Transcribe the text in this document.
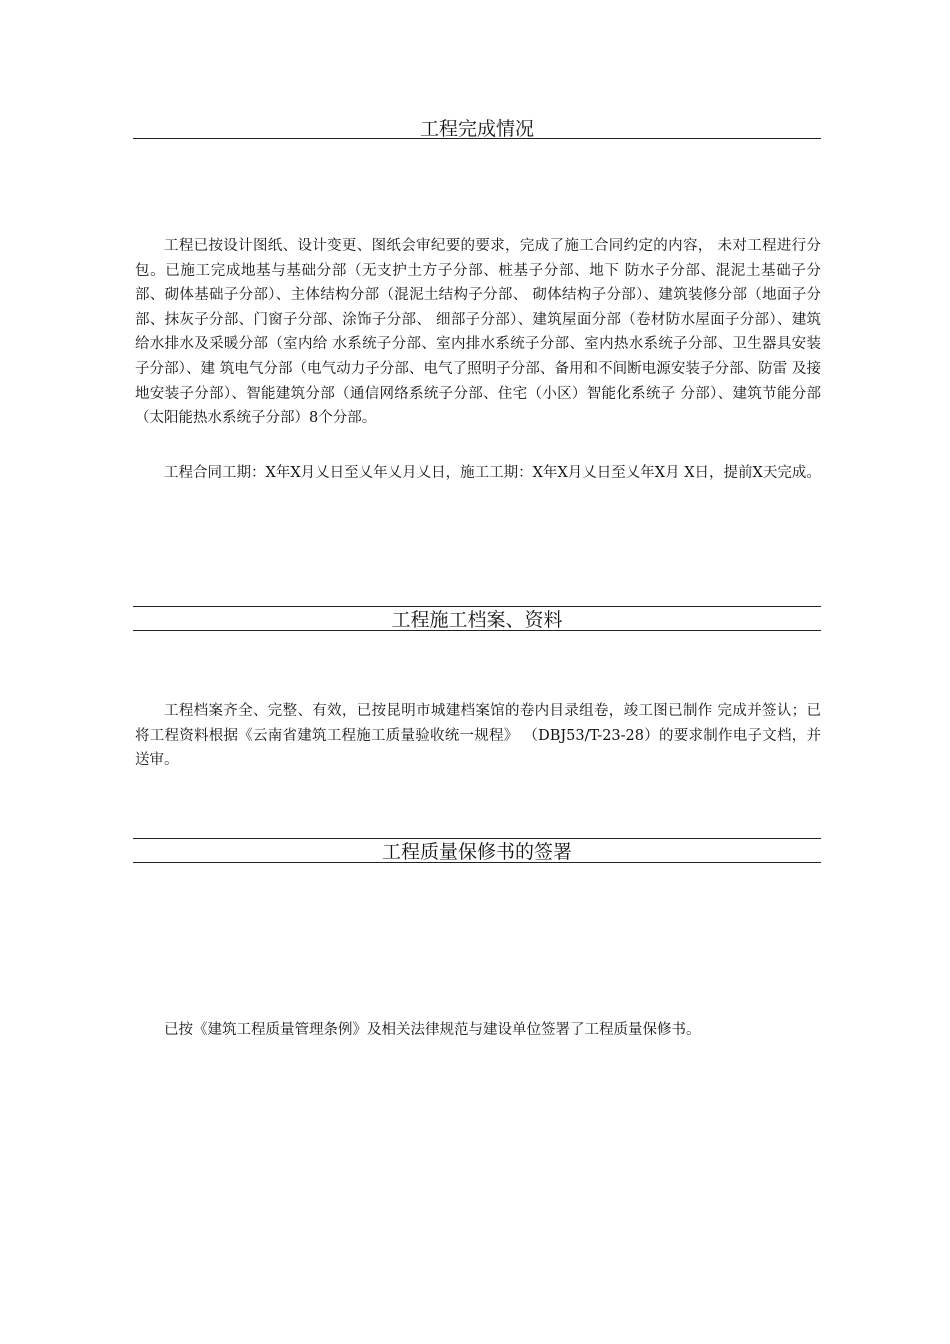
工程完成情况

工程已按设计图纸、设计变更、图纸会审纪要的要求，完成了施工合同约定的内容， 未对工程进行分包。已施工完成地基与基础分部（无支护土方子分部、桩基子分部、地下 防水子分部、混泥土基础子分部、砌体基础子分部）、主体结构分部（混泥土结构子分部、 砌体结构子分部）、建筑装修分部（地面子分部、抹灰子分部、门窗子分部、涂饰子分部、 细部子分部）、建筑屋面分部（卷材防水屋面子分部）、建筑给水排水及采暖分部（室内给 水系统子分部、室内排水系统子分部、室内热水系统子分部、卫生器具安装子分部）、建 筑电气分部（电气动力子分部、电气了照明子分部、备用和不间断电源安装子分部、防雷 及接地安装子分部）、智能建筑分部（通信网络系统子分部、住宅（小区）智能化系统子 分部）、建筑节能分部（太阳能热水系统子分部）8个分部。

工程合同工期：X年X月乂日至乂年乂月乂日，施工工期：X年X月乂日至乂年X月 X日，提前X天完成。

工程施工档案、资料

工程档案齐全、完整、有效，已按昆明市城建档案馆的卷内目录组卷，竣工图已制作 完成并签认；已将工程资料根据《云南省建筑工程施工质量验收统一规程》 （DBJ53/T-23-28）的要求制作电子文档，并送审。

工程质量保修书的签署

已按《建筑工程质量管理条例》及相关法律规范与建设单位签署了工程质量保修书。
